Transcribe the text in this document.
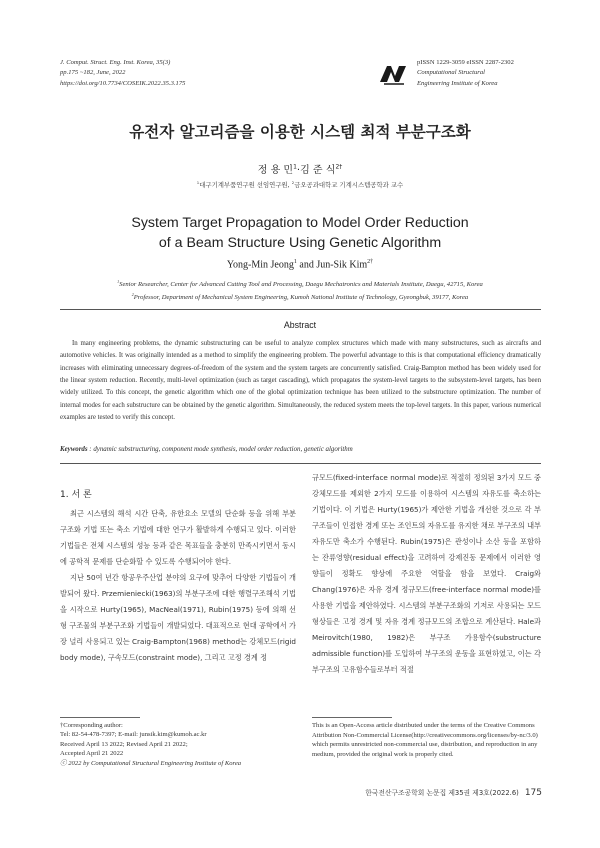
J. Comput. Struct. Eng. Inst. Korea, 35(3)
pp.175 ~182, June, 2022
https://doi.org/10.7734/COSEIK.2022.35.3.175
pISSN 1229-3059 eISSN 2287-2302
Computational Structural
Engineering Institute of Korea
유전자 알고리즘을 이용한 시스템 최적 부분구조화
정 용 민$^1$·김 준 식$^{2\dagger}$
$^1$대구기계부품연구원 선임연구원, $^2$금오공과대학교 기계시스템공학과 교수
System Target Propagation to Model Order Reduction
of a Beam Structure Using Genetic Algorithm
Yong-Min Jeong$^1$ and Jun-Sik Kim$^{2\dagger}$
$^1$Senior Researcher, Center for Advanced Cutting Tool and Processing, Daegu Mechatronics and Materials Institute, Daegu, 42715, Korea
$^2$Professor, Department of Mechanical System Engineering, Kumoh National Institute of Technology, Gyeongbuk, 39177, Korea
Abstract
In many engineering problems, the dynamic substructuring can be useful to analyze complex structures which made with many substructures, such as aircrafts and automotive vehicles. It was originally intended as a method to simplify the engineering problem. The powerful advantage to this is that computational efficiency dramatically increases with eliminating unnecessary degrees-of-freedom of the system and the system targets are concurrently satisfied. Craig-Bampton method has been widely used for the linear system reduction. Recently, multi-level optimization (such as target cascading), which propagates the system-level targets to the subsystem-level targets, has been widely utilized. To this concept, the genetic algorithm which one of the global optimization technique has been utilized to the substructure optimization. The number of internal modes for each substructure can be obtained by the genetic algorithm. Simultaneously, the reduced system meets the top-level targets. In this paper, various numerical examples are tested to verify this concept.
Keywords : dynamic substructuring, component mode synthesis, model order reduction, genetic algorithm
1. 서 론

최근 시스템의 해석 시간 단축, 유한요소 모델의 단순화 등을 위해 부분구조화 기법 또는 축소 기법에 대한 연구가 활발하게 수행되고 있다. 이러한 기법들은 전체 시스템의 성능 등과 같은 목표들을 충분히 만족시키면서 동시에 공학적 문제를 단순화할 수 있도록 수행되어야 한다.

지난 50여 년간 항공우주산업 분야의 요구에 맞추어 다양한 기법들이 개발되어 왔다. Przemieniecki(1963)의 부분구조에 대한 행렬구조해석 기법을 시작으로 Hurty(1965), MacNeal(1971), Rubin(1975) 등에 의해 선형 구조물의 부분구조화 기법들이 개발되었다. 대표적으로 현대 공학에서 가장 널리 사용되고 있는 Craig-Bampton(1968) method는 강체모드(rigid body mode), 구속모드(constraint mode), 그리고 고정 경계 정

규모드(fixed-interface normal mode)로 적절히 정의된 3가지 모드 중 강체모드를 제외한 2가지 모드를 이용하여 시스템의 자유도를 축소하는 기법이다. 이 기법은 Hurty(1965)가 제안한 기법을 개선한 것으로 각 부구조들이 인접한 경계 또는 조인트의 자유도를 유지한 채로 부구조의 내부 자유도만 축소가 수행된다. Rubin(1975)은 관성이나 소산 등을 포함하는 잔류영향(residual effect)을 고려하여 강제진동 문제에서 이러한 영향들이 정확도 향상에 주요한 역할을 함을 보였다. Craig와 Chang(1976)은 자유 경계 정규모드(free-interface normal mode)를 사용한 기법을 제안하였다. 시스템의 부분구조화의 기저로 사용되는 모드 형상들은 고정 경계 및 자유 경계 정규모드의 조합으로 계산된다. Hale과 Meirovitch(1980, 1982)은 부구조 가용함수(substructure admissible function)를 도입하여 부구조의 운동을 표현하였고, 이는 각 부구조의 고유함수들로부터 적절

†Corresponding author:
Tel: 82-54-478-7397; E-mail: junsik.kim@kumoh.ac.kr
Received April 13 2022; Revised April 21 2022;
Accepted April 21 2022
ⓒ 2022 by Computational Structural Engineering Institute of Korea
This is an Open-Access article distributed under the terms of the Creative Commons Attribution Non-Commercial License(http://creativecommons.org/licenses/by-nc/3.0) which permits unrestricted non-commercial use, distribution, and reproduction in any medium, provided the original work is properly cited.
한국전산구조공학회 논문집 제35권 제3호(2022.6) 175
